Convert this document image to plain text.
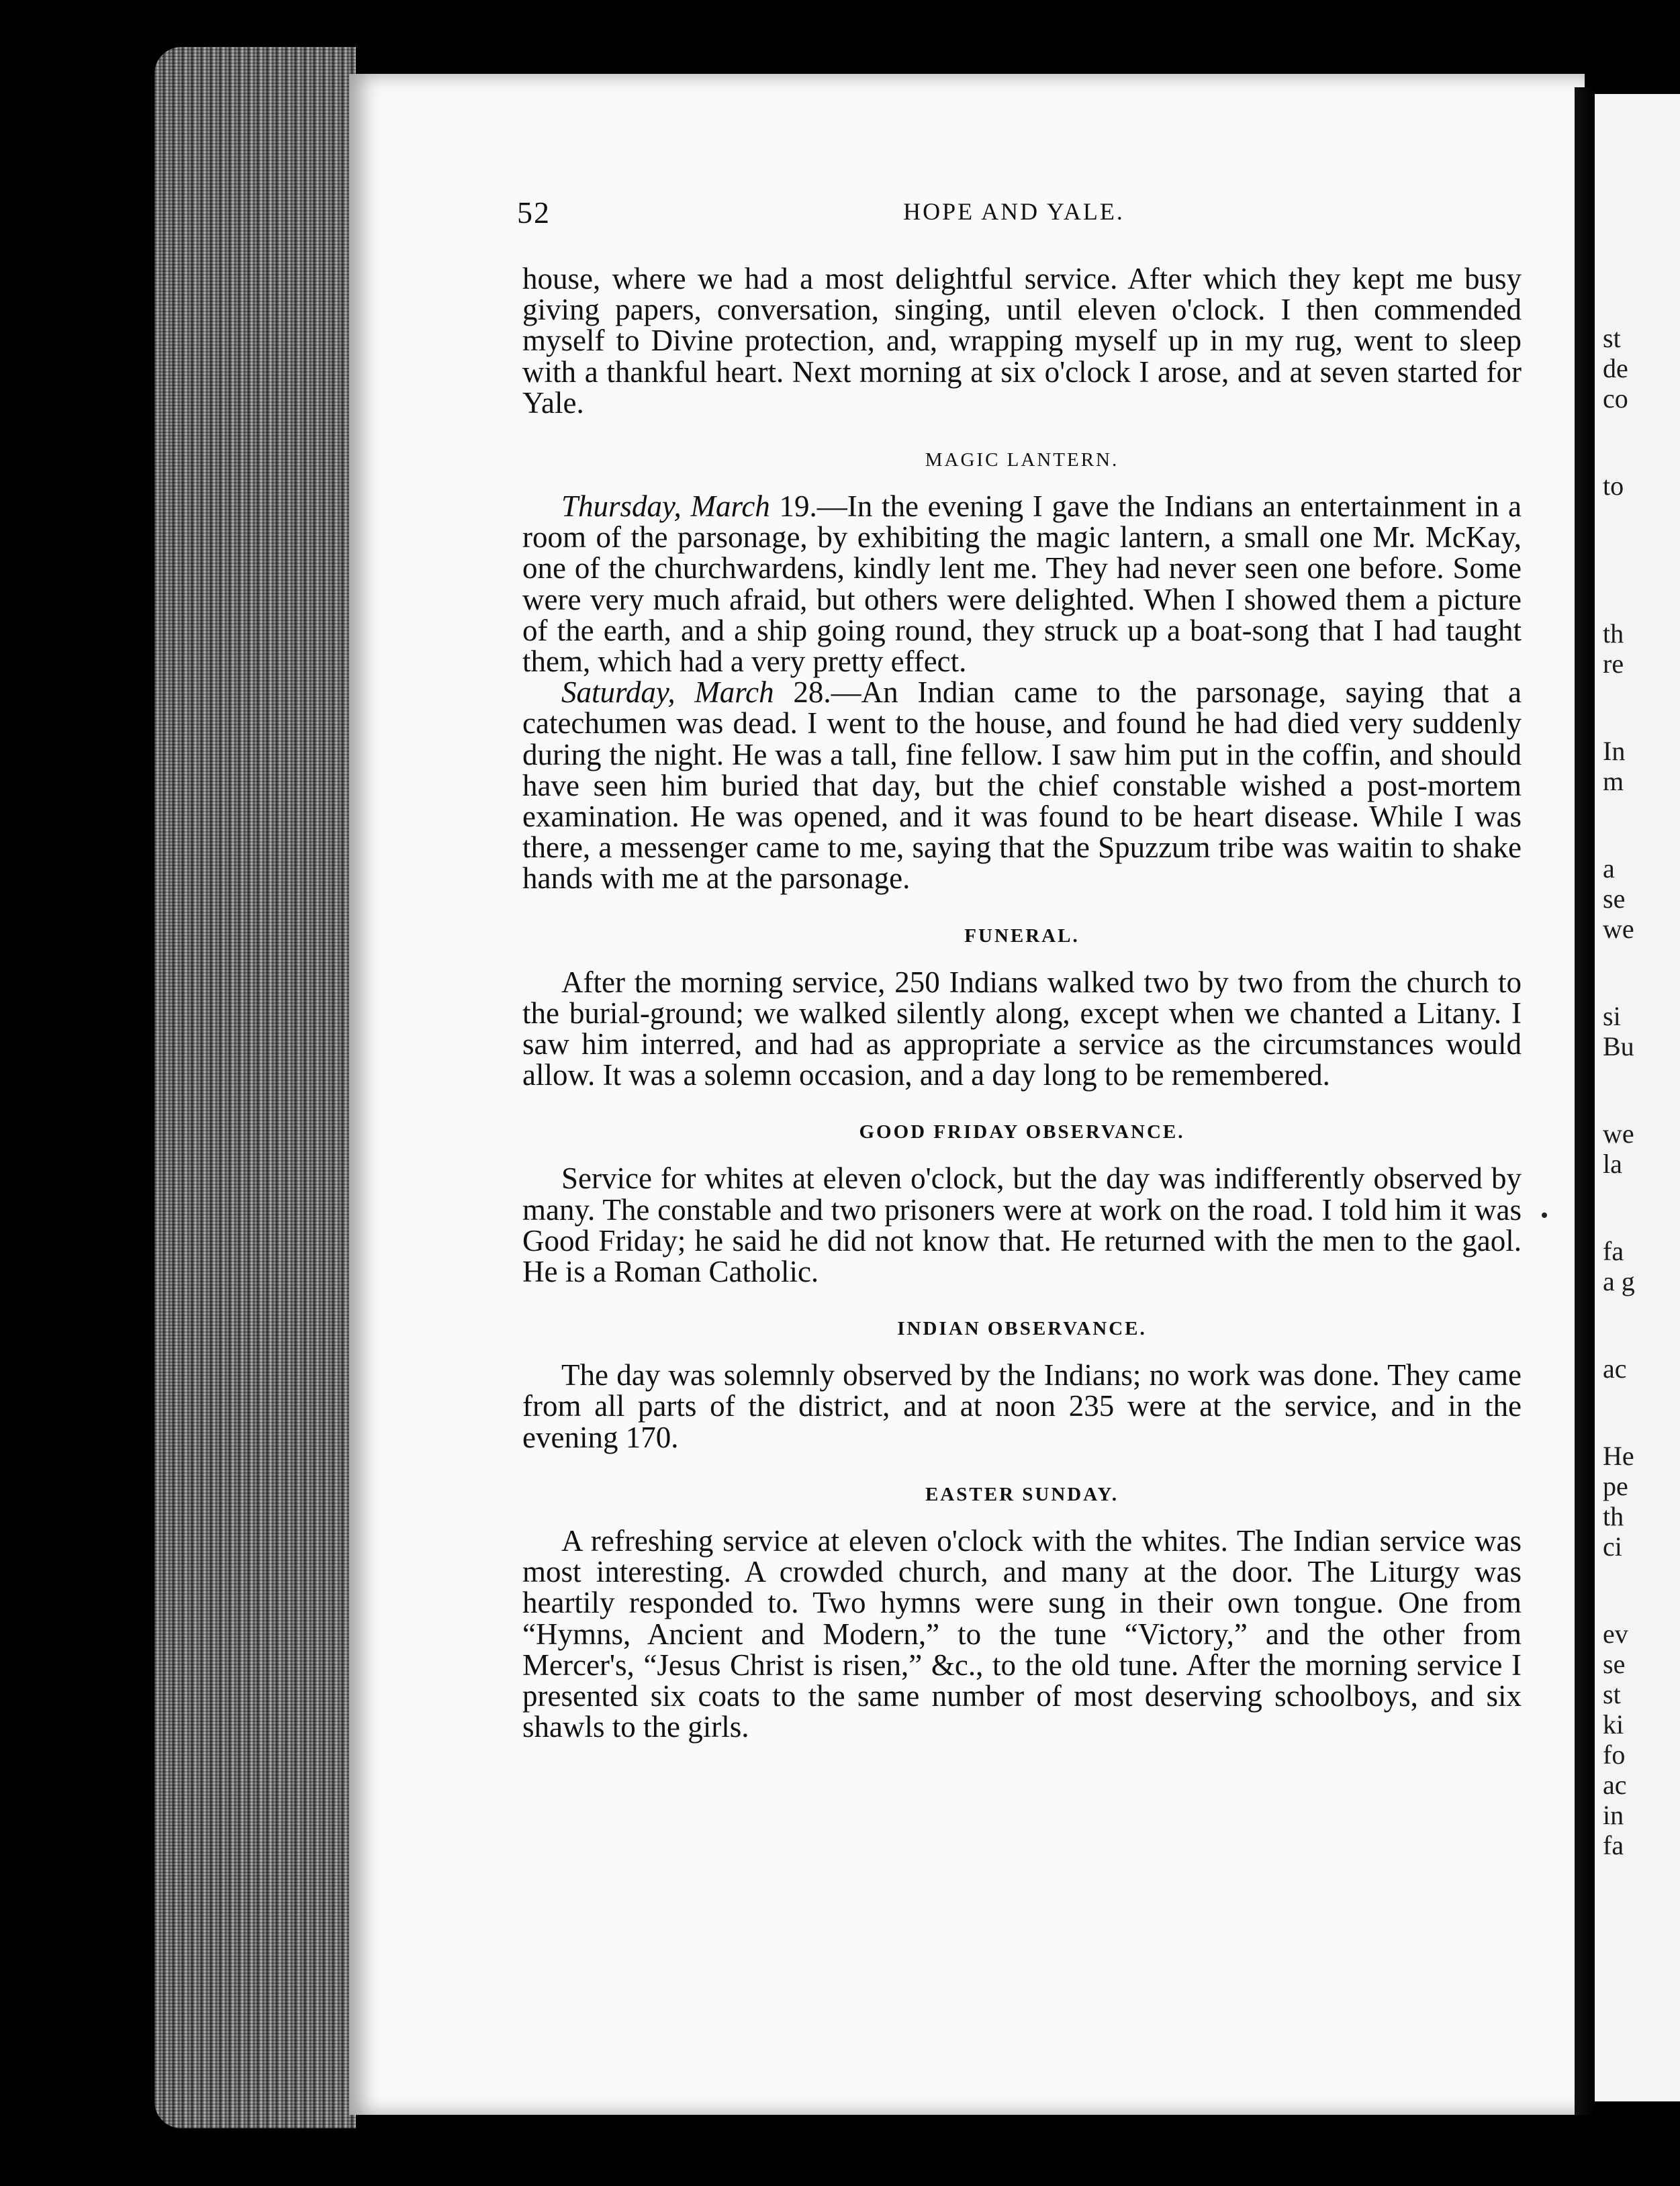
st
de
co
to
th
re
In
m
a
se
we
si
Bu
we
la
fa
a g
ac
He
pe
th
ci
ev
se
st
ki
fo
ac
in
fa
52	HOPE AND YALE.

house, where we had a most delightful service. After which they kept me busy giving papers, conversation, singing, until eleven o'clock. I then commended myself to Divine protection, and, wrapping myself up in my rug, went to sleep with a thankful heart. Next morning at six o'clock I arose, and at seven started for Yale.

MAGIC LANTERN.

Thursday, March 19.—In the evening I gave the Indians an entertainment in a room of the parsonage, by exhibiting the magic lantern, a small one Mr. McKay, one of the churchwardens, kindly lent me. They had never seen one before. Some were very much afraid, but others were delighted. When I showed them a picture of the earth, and a ship going round, they struck up a boat-song that I had taught them, which had a very pretty effect.

Saturday, March 28.—An Indian came to the parsonage, saying that a catechumen was dead. I went to the house, and found he had died very suddenly during the night. He was a tall, fine fellow. I saw him put in the coffin, and should have seen him buried that day, but the chief constable wished a post-mortem examination. He was opened, and it was found to be heart disease. While I was there, a messenger came to me, saying that the Spuzzum tribe was waitin to shake hands with me at the parsonage.

FUNERAL.

After the morning service, 250 Indians walked two by two from the church to the burial-ground; we walked silently along, except when we chanted a Litany. I saw him interred, and had as appropriate a service as the circumstances would allow. It was a solemn occasion, and a day long to be remembered.

GOOD FRIDAY OBSERVANCE.

Service for whites at eleven o'clock, but the day was indifferently observed by many. The constable and two prisoners were at work on the road. I told him it was Good Friday; he said he did not know that. He returned with the men to the gaol. He is a Roman Catholic.

INDIAN OBSERVANCE.

The day was solemnly observed by the Indians; no work was done. They came from all parts of the district, and at noon 235 were at the service, and in the evening 170.

EASTER SUNDAY.

A refreshing service at eleven o'clock with the whites. The Indian service was most interesting. A crowded church, and many at the door. The Liturgy was heartily responded to. Two hymns were sung in their own tongue. One from “Hymns, Ancient and Modern,” to the tune “Victory,” and the other from Mercer's, “Jesus Christ is risen,” &c., to the old tune. After the morning service I presented six coats to the same number of most deserving schoolboys, and six shawls to the girls.
